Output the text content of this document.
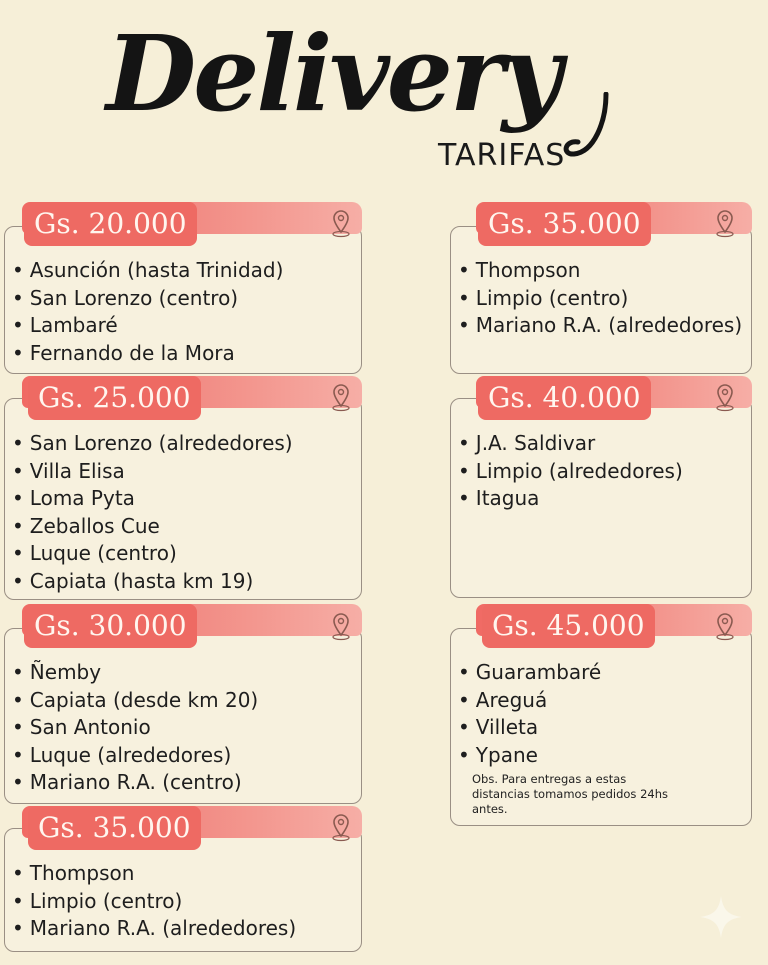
Delivery
TARIFAS
Gs. 20.000
• Asunción (hasta Trinidad)
• San Lorenzo (centro)
• Lambaré
• Fernando de la Mora
Gs. 25.000
• San Lorenzo (alrededores)
• Villa Elisa
• Loma Pyta
• Zeballos Cue
• Luque (centro)
• Capiata (hasta km 19)
Gs. 30.000
• Ñemby
• Capiata (desde km 20)
• San Antonio
• Luque (alrededores)
• Mariano R.A. (centro)
Gs. 35.000
• Thompson
• Limpio (centro)
• Mariano R.A. (alrededores)
Gs. 35.000
• Thompson
• Limpio (centro)
• Mariano R.A. (alrededores)
Gs. 40.000
• J.A. Saldivar
• Limpio (alrededores)
• Itagua
Gs. 45.000
• Guarambaré
• Areguá
• Villeta
• Ypane
Obs. Para entregas a estas distancias tomamos pedidos 24hs antes.
